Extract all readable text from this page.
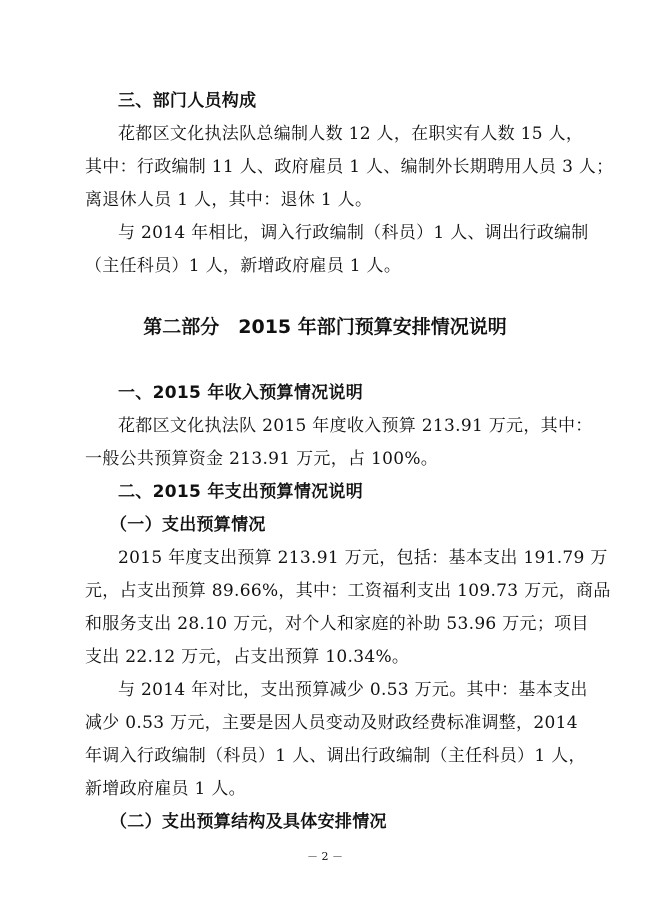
三、部门人员构成
花都区文化执法队总编制人数 12 人，在职实有人数 15 人，
其中：行政编制 11 人、政府雇员 1 人、编制外长期聘用人员 3 人；
离退休人员 1 人，其中：退休 1 人。
与 2014 年相比，调入行政编制（科员）1 人、调出行政编制
（主任科员）1 人，新增政府雇员 1 人。
第二部分　2015 年部门预算安排情况说明
一、2015 年收入预算情况说明
花都区文化执法队 2015 年度收入预算 213.91 万元，其中：
一般公共预算资金 213.91 万元，占 100%。
二、2015 年支出预算情况说明
（一）支出预算情况
2015 年度支出预算 213.91 万元，包括：基本支出 191.79 万
元，占支出预算 89.66%，其中：工资福利支出 109.73 万元，商品
和服务支出 28.10 万元，对个人和家庭的补助 53.96 万元；项目
支出 22.12 万元，占支出预算 10.34%。
与 2014 年对比，支出预算减少 0.53 万元。其中：基本支出
减少 0.53 万元，主要是因人员变动及财政经费标准调整，2014
年调入行政编制（科员）1 人、调出行政编制（主任科员）1 人，
新增政府雇员 1 人。
（二）支出预算结构及具体安排情况
－ 2 －
